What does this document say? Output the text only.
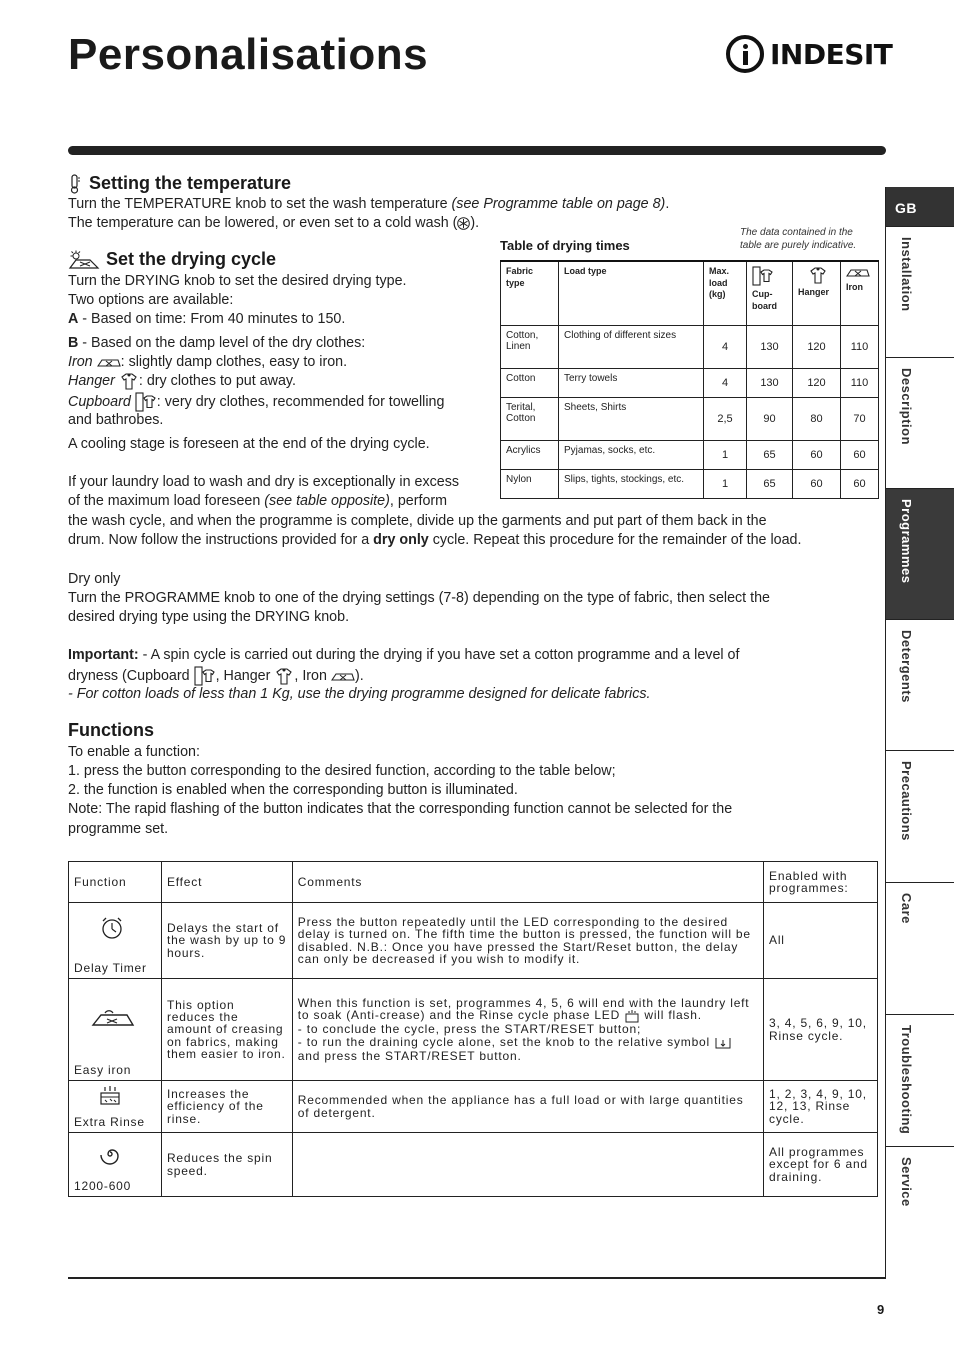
Personalisations	INDESIT
Setting the temperature
Turn the TEMPERATURE knob to set the wash temperature (see Programme table on page 8).
The temperature can be lowered, or even set to a cold wash ( ).
Set the drying cycle
Turn the DRYING knob to set the desired drying type.
Two options are available:
A - Based on time: From 40 minutes to 150.
B - Based on the damp level of the dry clothes:
Iron : slightly damp clothes, easy to iron.
Hanger : dry clothes to put away.
Cupboard : very dry clothes, recommended for towelling
and bathrobes.
A cooling stage is foreseen at the end of the drying cycle.
If your laundry load to wash and dry is exceptionally in excess
of the maximum load foreseen (see table opposite), perform
the wash cycle, and when the programme is complete, divide up the garments and put part of them back in the
drum. Now follow the instructions provided for a dry only cycle. Repeat this procedure for the remainder of the load.
The data contained in the table are purely indicative.
Table of drying times
Fabric type	Load type	Max. load (kg)	Cup- board	Hanger	Iron

Cotton, Linen	Clothing of different sizes	4	130	120	110
Cotton	Terry towels	4	130	120	110
Terital, Cotton	Sheets, Shirts	2,5	90	80	70
Acrylics	Pyjamas, socks, etc.	1	65	60	60
Nylon	Slips, tights, stockings, etc.	1	65	60	60
Dry only
Turn the PROGRAMME knob to one of the drying settings (7-8) depending on the type of fabric, then select the
desired drying type using the DRYING knob.
Important: - A spin cycle is carried out during the drying if you have set a cotton programme and a level of
dryness (Cupboard , Hanger , Iron ).
- For cotton loads of less than 1 Kg, use the drying programme designed for delicate fabrics.
Functions
To enable a function:
1. press the button corresponding to the desired function, according to the table below;
2. the function is enabled when the corresponding button is illuminated.
Note: The rapid flashing of the button indicates that the corresponding function cannot be selected for the
programme set.
Function	Effect	Comments	Enabled with programmes:

Delay Timer	Delays the start of the wash by up to 9 hours.	Press the button repeatedly until the LED corresponding to the desired delay is turned on. The fifth time the button is pressed, the function will be disabled. N.B.: Once you have pressed the Start/Reset button, the delay can only be decreased if you wish to modify it.	All

Easy iron	This option reduces the amount of creasing on fabrics, making them easier to iron.	When this function is set, programmes 4, 5, 6 will end with the laundry left to soak (Anti-crease) and the Rinse cycle phase LED will flash.
- to conclude the cycle, press the START/RESET button;
- to run the draining cycle alone, set the knob to the relative symbol  and press the START/RESET button.	3, 4, 5, 6, 9, 10, Rinse cycle.

Extra Rinse	Increases the efficiency of the rinse.	Recommended when the appliance has a full load or with large quantities of detergent.	1, 2, 3, 4, 9, 10, 12, 13, Rinse cycle.

1200-600	Reduces the spin speed.		All programmes except for 6 and draining.
GB
Installation
Description
Programmes
Detergents
Precautions
Care
Troubleshooting
Service
9
